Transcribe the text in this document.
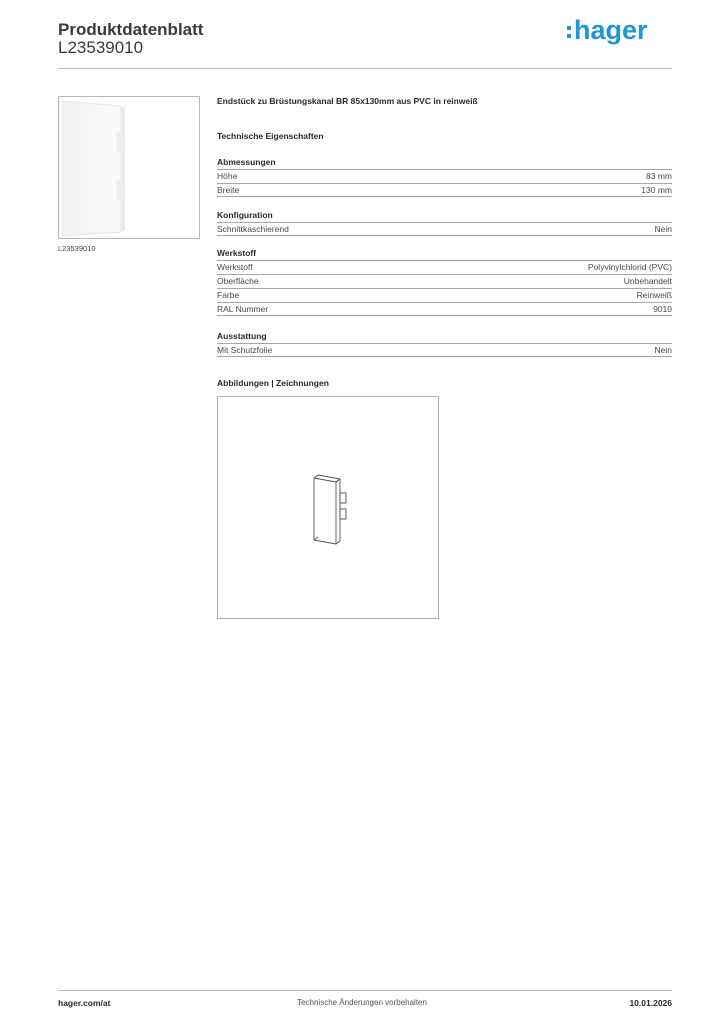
Produktdatenblatt
L23539010
hager
L23539010
Endstück zu Brüstungskanal BR 85x130mm aus PVC in reinweiß
Technische Eigenschaften
Abmessungen
Höhe	83 mm
Breite	130 mm
Konfiguration
Schnittkaschierend	Nein
Werkstoff
Werkstoff	Polyvinylchlorid (PVC)
Oberfläche	Unbehandelt
Farbe	Reinweiß
RAL Nummer	9010
Ausstattung
Mit Schutzfolie	Nein
Abbildungen | Zeichnungen
hager.com/at	Technische Änderungen vorbehalten	10.01.2026
